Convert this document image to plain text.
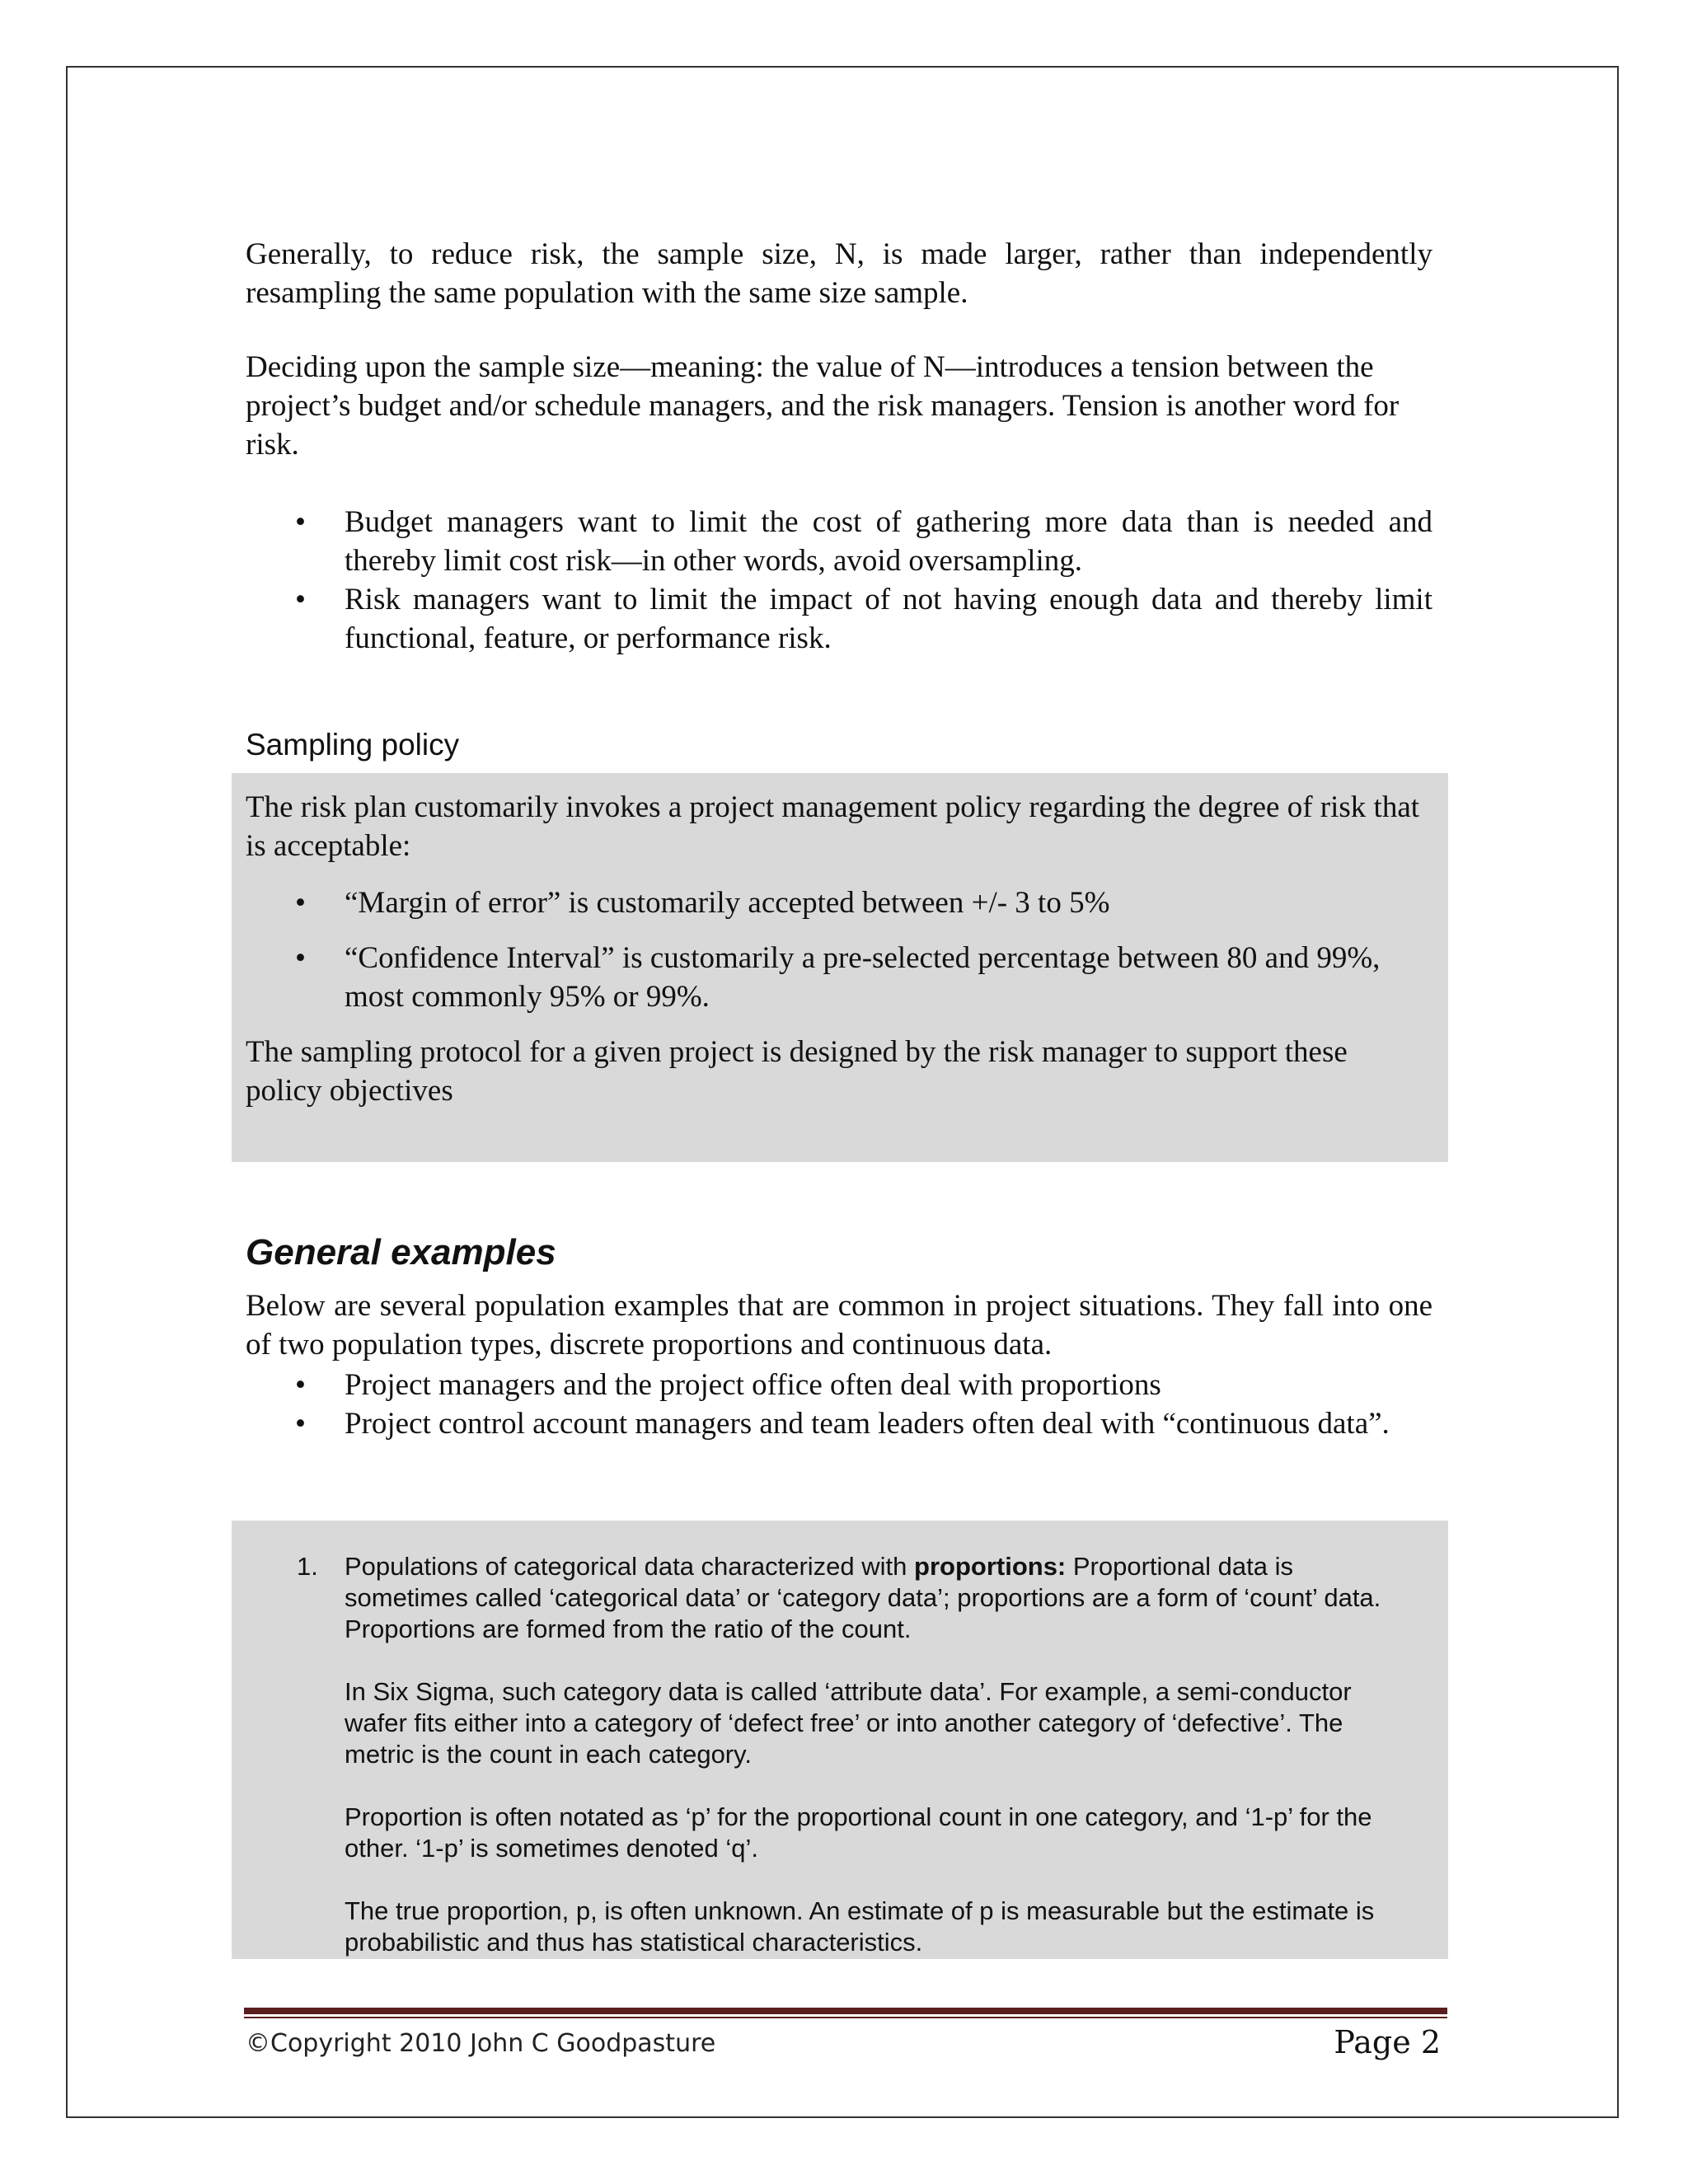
Generally, to reduce risk, the sample size, N, is made larger, rather than independently resampling the same population with the same size sample.

Deciding upon the sample size—meaning: the value of N—introduces a tension between the project’s budget and/or schedule managers, and the risk managers. Tension is another word for risk.

• Budget managers want to limit the cost of gathering more data than is needed and thereby limit cost risk—in other words, avoid oversampling.
• Risk managers want to limit the impact of not having enough data and thereby limit functional, feature, or performance risk.
Sampling policy

The risk plan customarily invokes a project management policy regarding the degree of risk that is acceptable:

• “Margin of error” is customarily accepted between +/- 3 to 5%
• “Confidence Interval” is customarily a pre-selected percentage between 80 and 99%, most commonly 95% or 99%.

The sampling protocol for a given project is designed by the risk manager to support these policy objectives

General examples

Below are several population examples that are common in project situations. They fall into one of two population types, discrete proportions and continuous data.

• Project managers and the project office often deal with proportions
• Project control account managers and team leaders often deal with “continuous data”.
1. Populations of categorical data characterized with proportions: Proportional data is sometimes called ‘categorical data’ or ‘category data’; proportions are a form of ‘count’ data. Proportions are formed from the ratio of the count.

In Six Sigma, such category data is called ‘attribute data’. For example, a semi-conductor wafer fits either into a category of ‘defect free’ or into another category of ‘defective’. The metric is the count in each category.

Proportion is often notated as ‘p’ for the proportional count in one category, and ‘1-p’ for the other. ‘1-p’ is sometimes denoted ‘q’.

The true proportion, p, is often unknown. An estimate of p is measurable but the estimate is probabilistic and thus has statistical characteristics.

©Copyright 2010 John C Goodpasture	Page 2
